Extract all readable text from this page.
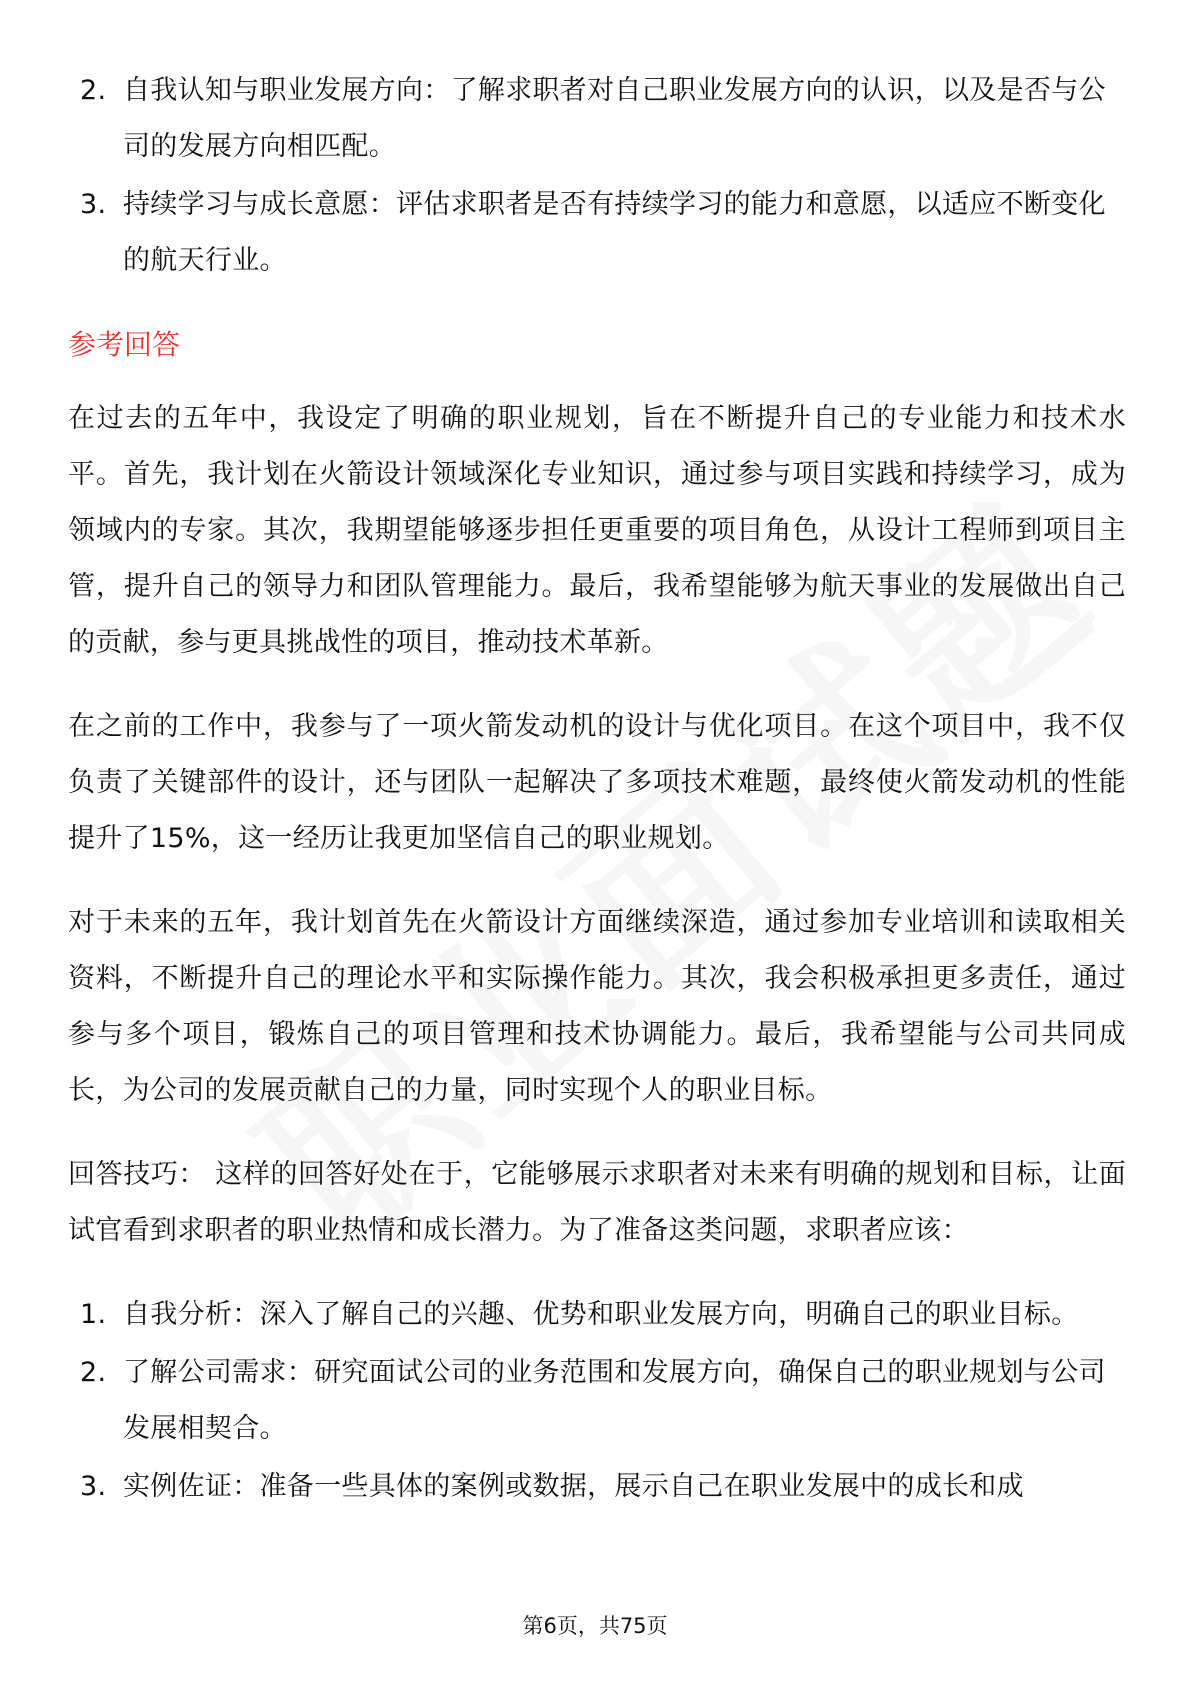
2. 自我认知与职业发展方向：了解求职者对自己职业发展方向的认识，以及是否与公司的发展方向相匹配。
3. 持续学习与成长意愿：评估求职者是否有持续学习的能力和意愿，以适应不断变化的航天行业。
参考回答

在过去的五年中，我设定了明确的职业规划，旨在不断提升自己的专业能力和技术水平。首先，我计划在火箭设计领域深化专业知识，通过参与项目实践和持续学习，成为领域内的专家。其次，我期望能够逐步担任更重要的项目角色，从设计工程师到项目主管，提升自己的领导力和团队管理能力。最后，我希望能够为航天事业的发展做出自己的贡献，参与更具挑战性的项目，推动技术革新。

在之前的工作中，我参与了一项火箭发动机的设计与优化项目。在这个项目中，我不仅负责了关键部件的设计，还与团队一起解决了多项技术难题，最终使火箭发动机的性能提升了15%，这一经历让我更加坚信自己的职业规划。

对于未来的五年，我计划首先在火箭设计方面继续深造，通过参加专业培训和读取相关资料，不断提升自己的理论水平和实际操作能力。其次，我会积极承担更多责任，通过参与多个项目，锻炼自己的项目管理和技术协调能力。最后，我希望能与公司共同成长，为公司的发展贡献自己的力量，同时实现个人的职业目标。

回答技巧： 这样的回答好处在于，它能够展示求职者对未来有明确的规划和目标，让面试官看到求职者的职业热情和成长潜力。为了准备这类问题，求职者应该：

1. 自我分析：深入了解自己的兴趣、优势和职业发展方向，明确自己的职业目标。
2. 了解公司需求：研究面试公司的业务范围和发展方向，确保自己的职业规划与公司发展相契合。
3. 实例佐证：准备一些具体的案例或数据，展示自己在职业发展中的成长和成
第6页，共75页
